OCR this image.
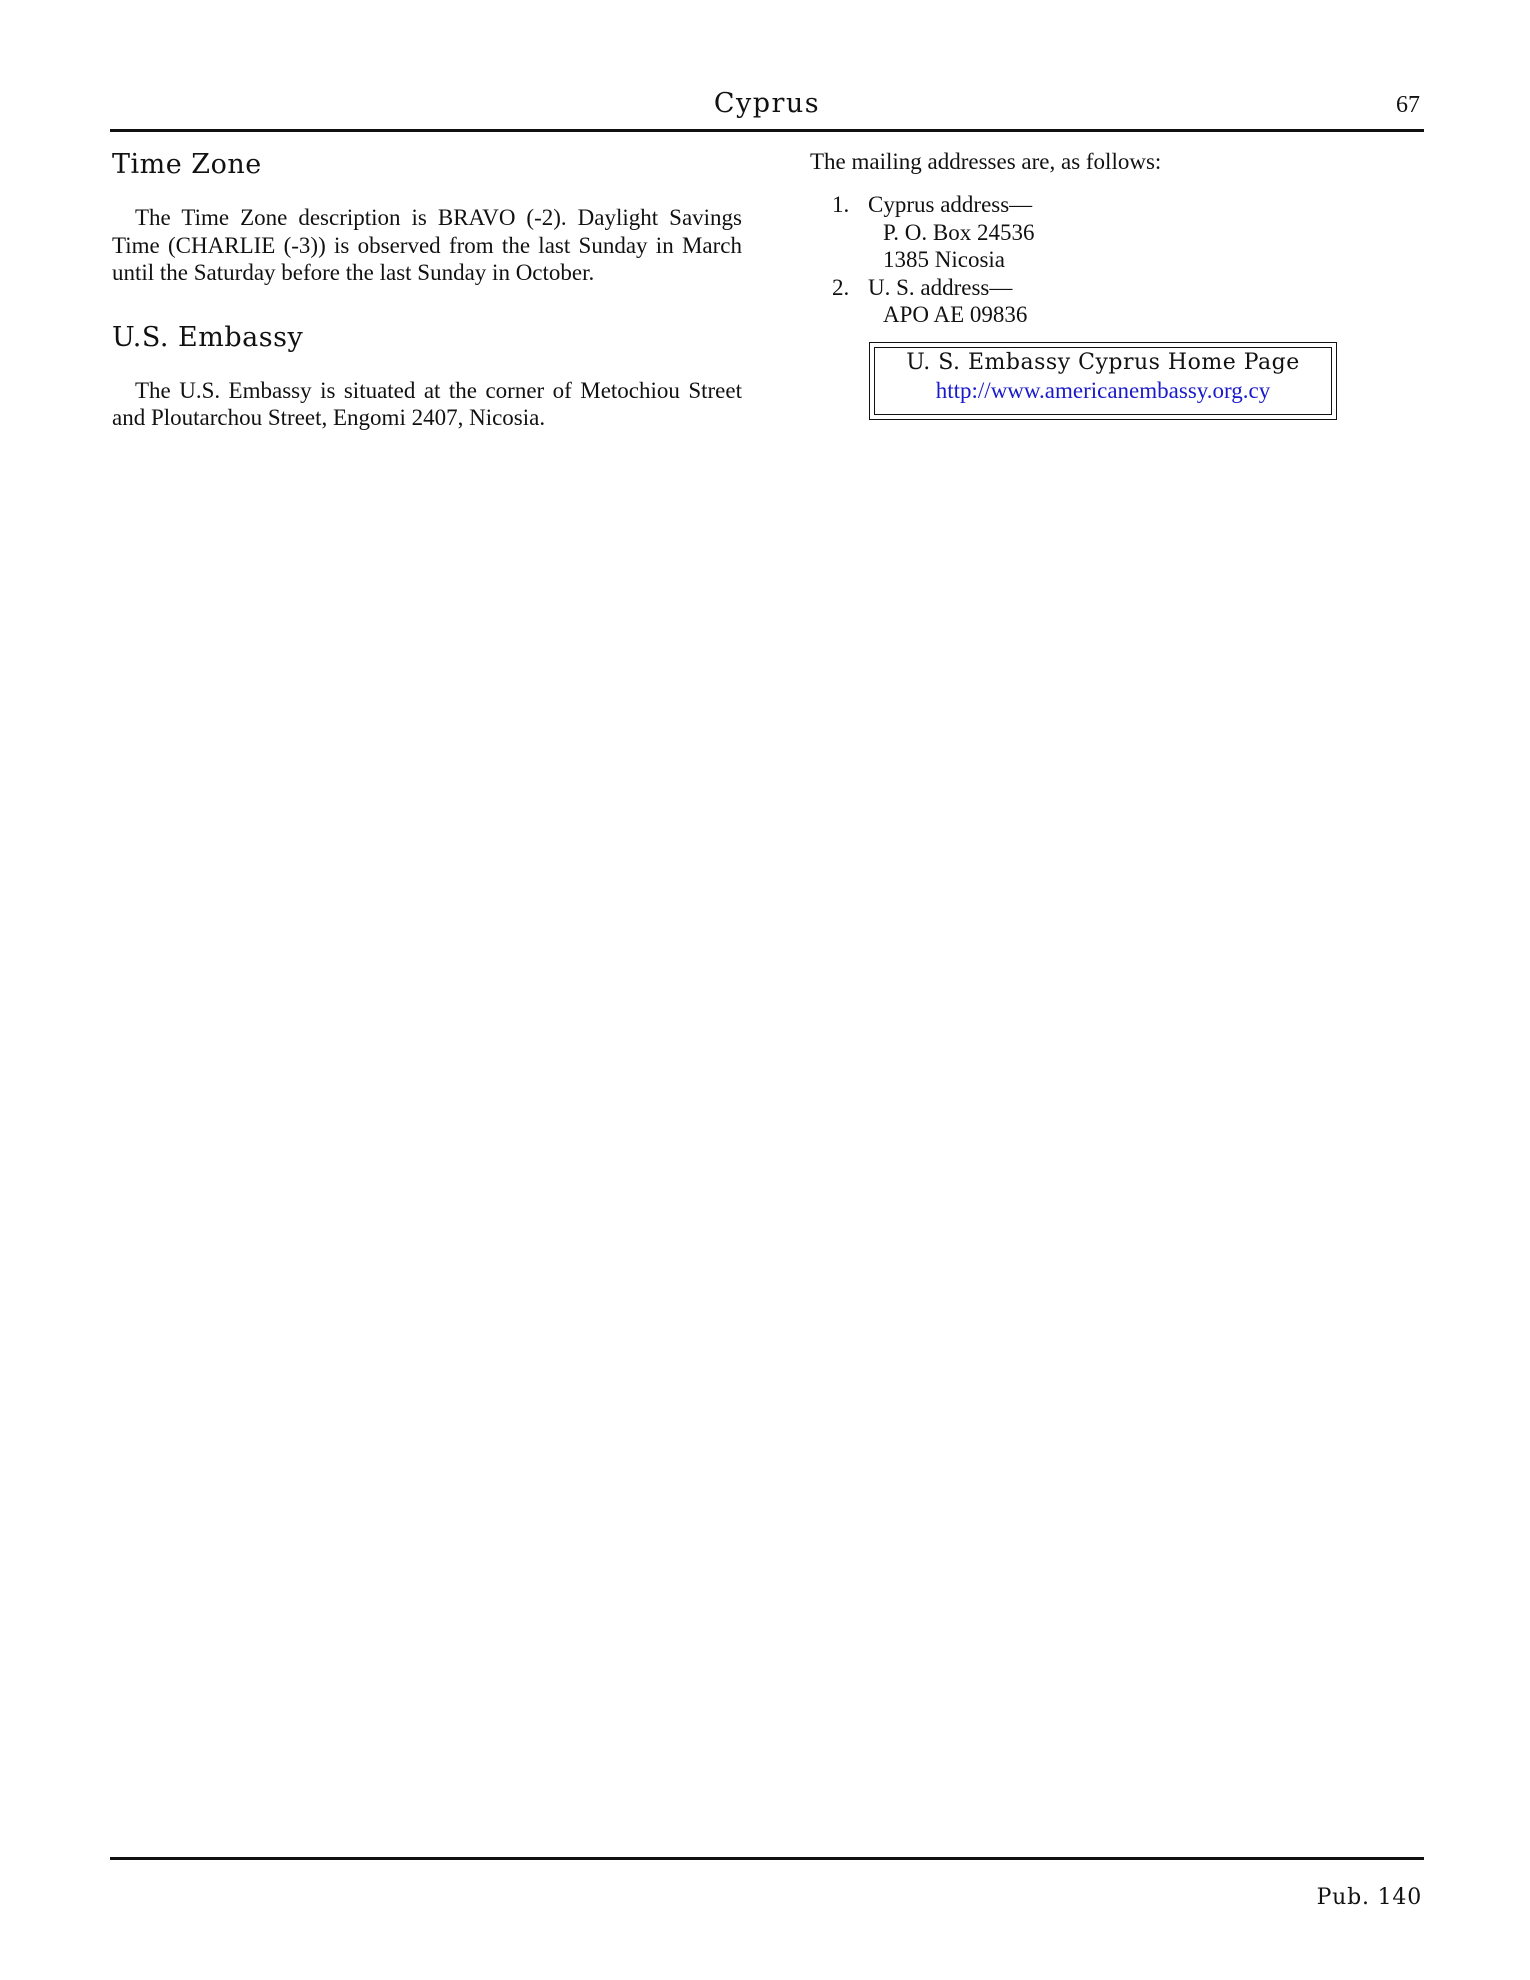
Cyprus	67
Time Zone

The Time Zone description is BRAVO (-2). Daylight Savings Time (CHARLIE (-3)) is observed from the last Sunday in March until the Saturday before the last Sunday in October.

U.S. Embassy

The U.S. Embassy is situated at the corner of Metochiou Street and Ploutarchou Street, Engomi 2407, Nicosia.

The mailing addresses are, as follows:

1. Cyprus address—
P. O. Box 24536
1385 Nicosia
2. U. S. address—
APO AE 09836
U. S. Embassy Cyprus Home Page
http://www.americanembassy.org.cy
Pub. 140
